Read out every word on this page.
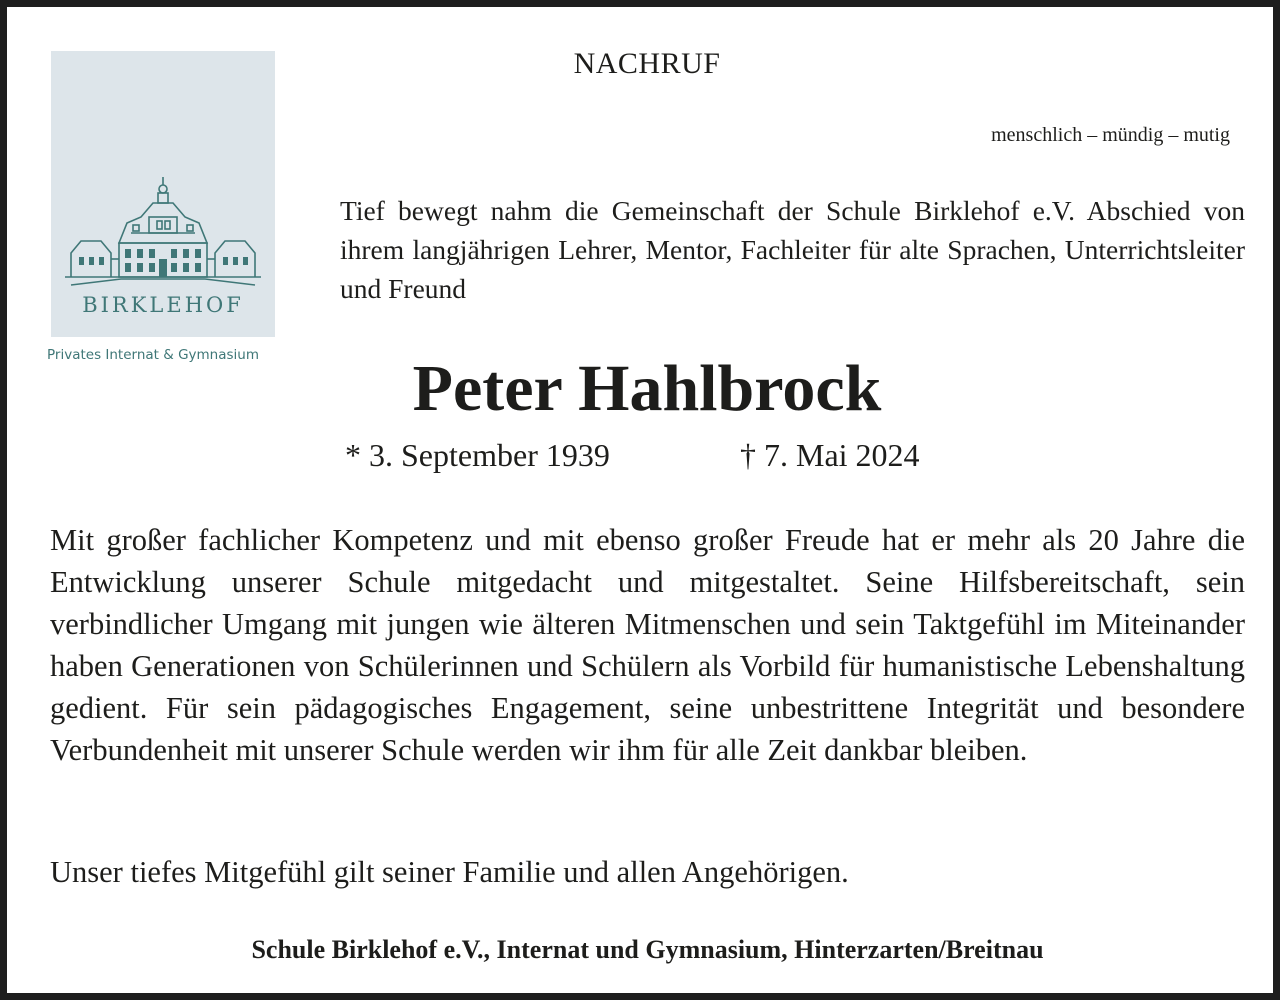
BIRKLEHOF
Privates Internat & Gymnasium
NACHRUF
menschlich – mündig – mutig
Tief bewegt nahm die Gemeinschaft der Schule Birklehof e.V. Abschied von ihrem langjährigen Lehrer, Mentor, Fachleiter für alte Sprachen, Unterrichtsleiter und Freund
Peter Hahlbrock
* 3. September 1939	† 7. Mai 2024
Mit großer fachlicher Kompetenz und mit ebenso großer Freude hat er mehr als 20 Jahre die Entwicklung unserer Schule mitgedacht und mitgestaltet. Seine Hilfsbereitschaft, sein verbindlicher Umgang mit jungen wie älteren Mitmenschen und sein Taktgefühl im Miteinander haben Generationen von Schülerinnen und Schülern als Vorbild für humanistische Lebenshaltung gedient. Für sein pädagogisches Engagement, seine unbestrittene Integrität und besondere Verbundenheit mit unserer Schule werden wir ihm für alle Zeit dankbar bleiben.
Unser tiefes Mitgefühl gilt seiner Familie und allen Angehörigen.
Schule Birklehof e.V., Internat und Gymnasium, Hinterzarten/Breitnau
